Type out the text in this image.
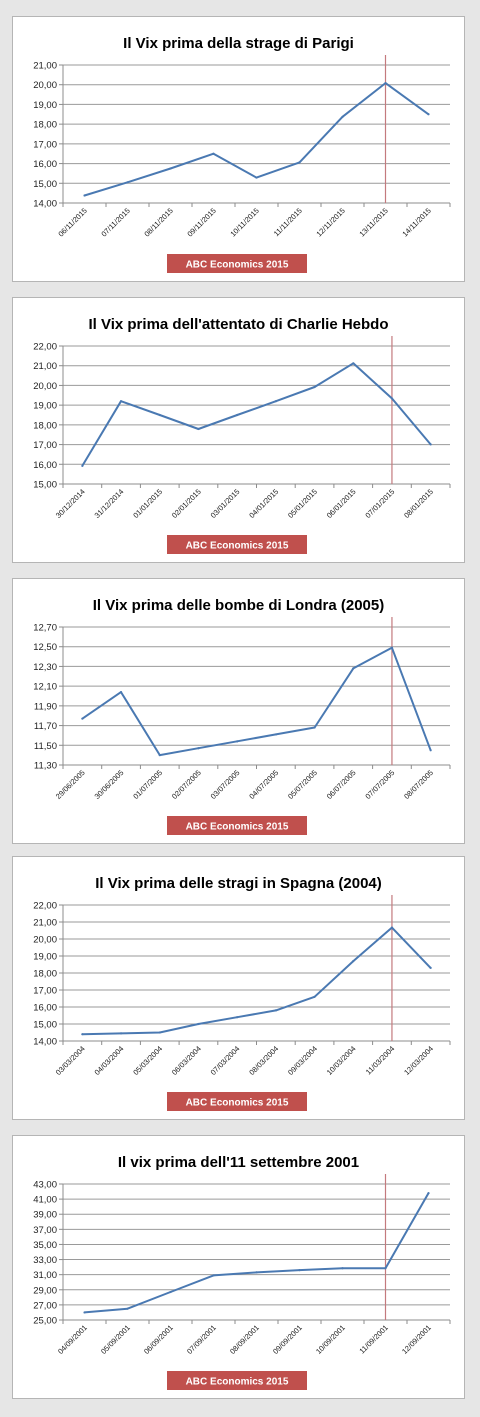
Il Vix prima della strage di Parigi
14,00
15,00
16,00
17,00
18,00
19,00
20,00
21,00
06/11/2015 07/11/2015 08/11/2015 09/11/2015 10/11/2015 11/11/2015 12/11/2015 13/11/2015 14/11/2015
ABC Economics 2015
Il Vix prima dell'attentato di Charlie Hebdo
15,00
16,00
17,00
18,00
19,00
20,00
21,00
22,00
30/12/2014 31/12/2014 01/01/2015 02/01/2015 03/01/2015 04/01/2015 05/01/2015 06/01/2015 07/01/2015 08/01/2015
ABC Economics 2015
Il Vix prima delle bombe di Londra (2005)
11,30
11,50
11,70
11,90
12,10
12,30
12,50
12,70
29/06/2005 30/06/2005 01/07/2005 02/07/2005 03/07/2005 04/07/2005 05/07/2005 06/07/2005 07/07/2005 08/07/2005
ABC Economics 2015
Il Vix prima delle stragi in Spagna (2004)
14,00
15,00
16,00
17,00
18,00
19,00
20,00
21,00
22,00
03/03/2004 04/03/2004 05/03/2004 06/03/2004 07/03/2004 08/03/2004 09/03/2004 10/03/2004 11/03/2004 12/03/2004
ABC Economics 2015
Il vix prima dell'11 settembre 2001
25,00
27,00
29,00
31,00
33,00
35,00
37,00
39,00
41,00
43,00
04/09/2001 05/09/2001 06/09/2001 07/09/2001 08/09/2001 09/09/2001 10/09/2001 11/09/2001 12/09/2001
ABC Economics 2015
